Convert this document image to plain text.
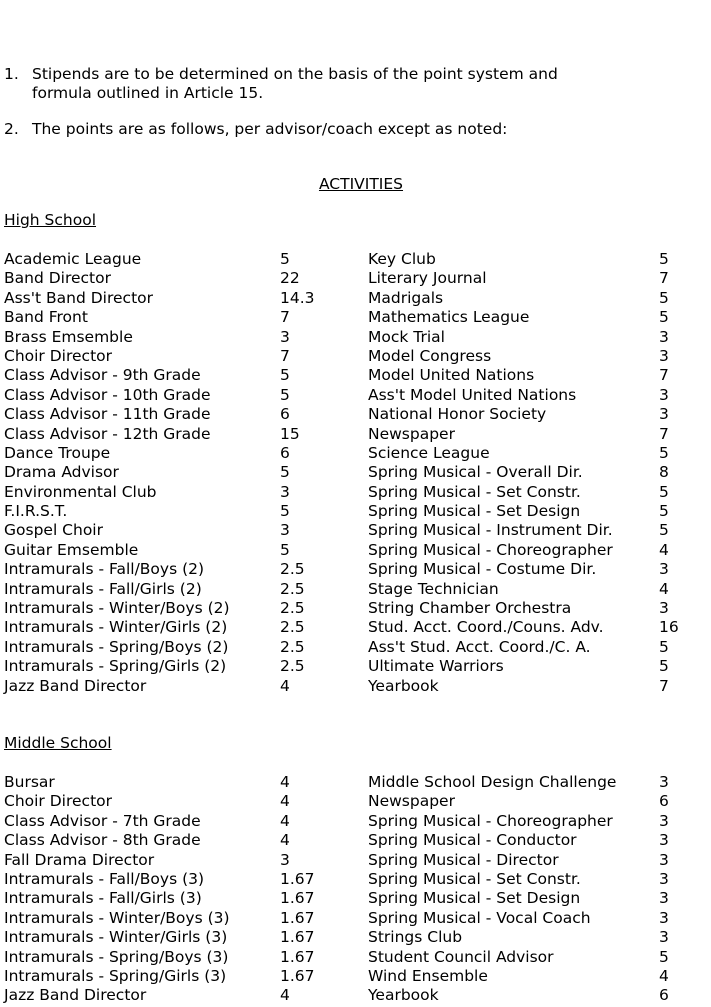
1. Stipends are to be determined on the basis of the point system and
formula outlined in Article 15.
2. The points are as follows, per advisor/coach except as noted:
ACTIVITIES
High School
Academic League	5	Key Club	5
Band Director	22	Literary Journal	7
Ass't Band Director	14.3	Madrigals	5
Band Front	7	Mathematics League	5
Brass Emsemble	3	Mock Trial	3
Choir Director	7	Model Congress	3
Class Advisor - 9th Grade	5	Model United Nations	7
Class Advisor - 10th Grade	5	Ass't Model United Nations	3
Class Advisor - 11th Grade	6	National Honor Society	3
Class Advisor - 12th Grade	15	Newspaper	7
Dance Troupe	6	Science League	5
Drama Advisor	5	Spring Musical - Overall Dir.	8
Environmental Club	3	Spring Musical - Set Constr.	5
F.I.R.S.T.	5	Spring Musical - Set Design	5
Gospel Choir	3	Spring Musical - Instrument Dir.	5
Guitar Emsemble	5	Spring Musical - Choreographer	4
Intramurals - Fall/Boys (2)	2.5	Spring Musical - Costume Dir.	3
Intramurals - Fall/Girls (2)	2.5	Stage Technician	4
Intramurals - Winter/Boys (2)	2.5	String Chamber Orchestra	3
Intramurals - Winter/Girls (2)	2.5	Stud. Acct. Coord./Couns. Adv.	16
Intramurals - Spring/Boys (2)	2.5	Ass't Stud. Acct. Coord./C. A.	5
Intramurals - Spring/Girls (2)	2.5	Ultimate Warriors	5
Jazz Band Director	4	Yearbook	7
Middle School
Bursar	4	Middle School Design Challenge	3
Choir Director	4	Newspaper	6
Class Advisor - 7th Grade	4	Spring Musical - Choreographer	3
Class Advisor - 8th Grade	4	Spring Musical - Conductor	3
Fall Drama Director	3	Spring Musical - Director	3
Intramurals - Fall/Boys (3)	1.67	Spring Musical - Set Constr.	3
Intramurals - Fall/Girls (3)	1.67	Spring Musical - Set Design	3
Intramurals - Winter/Boys (3)	1.67	Spring Musical - Vocal Coach	3
Intramurals - Winter/Girls (3)	1.67	Strings Club	3
Intramurals - Spring/Boys (3)	1.67	Student Council Advisor	5
Intramurals - Spring/Girls (3)	1.67	Wind Ensemble	4
Jazz Band Director	4	Yearbook	6
